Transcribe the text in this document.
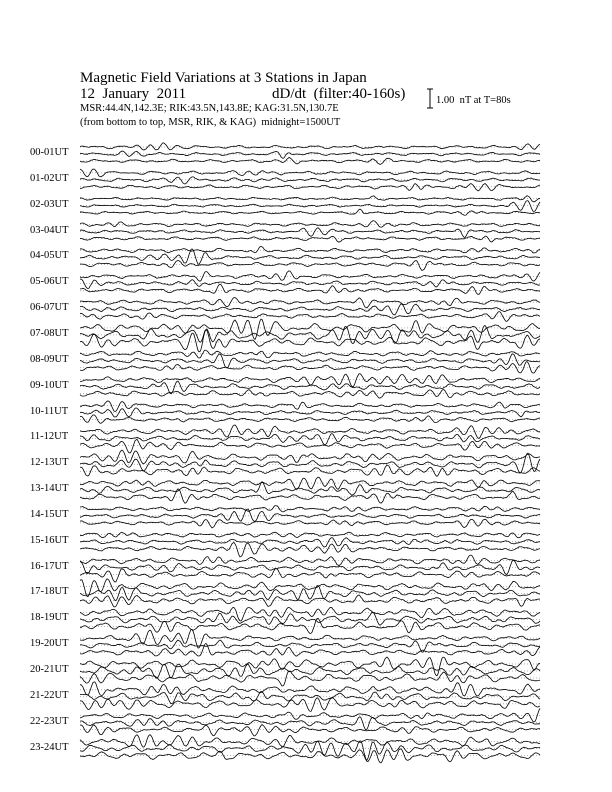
Magnetic Field Variations at 3 Stations in Japan
12  January  2011	dD/dt  (filter:40-160s)
MSR:44.4N,142.3E; RIK:43.5N,143.8E; KAG:31.5N,130.7E
(from bottom to top, MSR, RIK, & KAG)  midnight=1500UT
1.00  nT at T=80s
00-01UT
01-02UT
02-03UT
03-04UT
04-05UT
05-06UT
06-07UT
07-08UT
08-09UT
09-10UT
10-11UT
11-12UT
12-13UT
13-14UT
14-15UT
15-16UT
16-17UT
17-18UT
18-19UT
19-20UT
20-21UT
21-22UT
22-23UT
23-24UT
